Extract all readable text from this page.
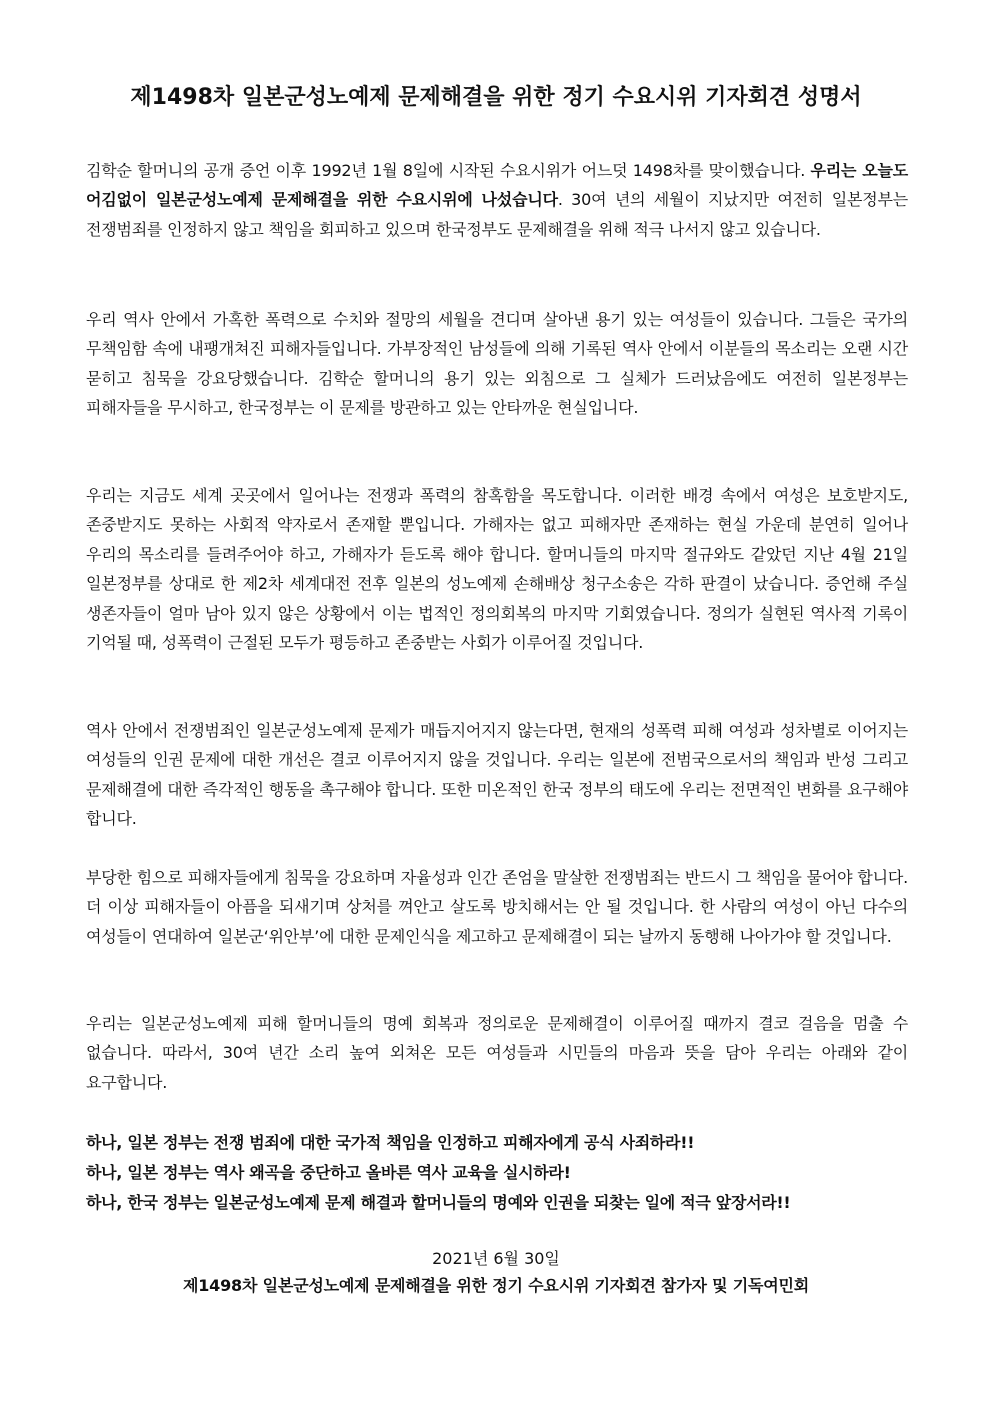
제1498차 일본군성노예제 문제해결을 위한 정기 수요시위 기자회견 성명서

김학순 할머니의 공개 증언 이후 1992년 1월 8일에 시작된 수요시위가 어느덧 1498차를 맞이했습니다. 우리는 오늘도 어김없이 일본군성노예제 문제해결을 위한 수요시위에 나섰습니다. 30여 년의 세월이 지났지만 여전히 일본정부는 전쟁범죄를 인정하지 않고 책임을 회피하고 있으며 한국정부도 문제해결을 위해 적극 나서지 않고 있습니다.

우리 역사 안에서 가혹한 폭력으로 수치와 절망의 세월을 견디며 살아낸 용기 있는 여성들이 있습니다. 그들은 국가의 무책임함 속에 내팽개쳐진 피해자들입니다. 가부장적인 남성들에 의해 기록된 역사 안에서 이분들의 목소리는 오랜 시간 묻히고 침묵을 강요당했습니다. 김학순 할머니의 용기 있는 외침으로 그 실체가 드러났음에도 여전히 일본정부는 피해자들을 무시하고, 한국정부는 이 문제를 방관하고 있는 안타까운 현실입니다.

우리는 지금도 세계 곳곳에서 일어나는 전쟁과 폭력의 참혹함을 목도합니다. 이러한 배경 속에서 여성은 보호받지도, 존중받지도 못하는 사회적 약자로서 존재할 뿐입니다. 가해자는 없고 피해자만 존재하는 현실 가운데 분연히 일어나 우리의 목소리를 들려주어야 하고, 가해자가 듣도록 해야 합니다. 할머니들의 마지막 절규와도 같았던 지난 4월 21일 일본정부를 상대로 한 제2차 세계대전 전후 일본의 성노예제 손해배상 청구소송은 각하 판결이 났습니다. 증언해 주실 생존자들이 얼마 남아 있지 않은 상황에서 이는 법적인 정의회복의 마지막 기회였습니다. 정의가 실현된 역사적 기록이 기억될 때, 성폭력이 근절된 모두가 평등하고 존중받는 사회가 이루어질 것입니다.

역사 안에서 전쟁범죄인 일본군성노예제 문제가 매듭지어지지 않는다면, 현재의 성폭력 피해 여성과 성차별로 이어지는 여성들의 인권 문제에 대한 개선은 결코 이루어지지 않을 것입니다. 우리는 일본에 전범국으로서의 책임과 반성 그리고 문제해결에 대한 즉각적인 행동을 촉구해야 합니다. 또한 미온적인 한국 정부의 태도에 우리는 전면적인 변화를 요구해야 합니다.

부당한 힘으로 피해자들에게 침묵을 강요하며 자율성과 인간 존엄을 말살한 전쟁범죄는 반드시 그 책임을 물어야 합니다. 더 이상 피해자들이 아픔을 되새기며 상처를 껴안고 살도록 방치해서는 안 될 것입니다. 한 사람의 여성이 아닌 다수의 여성들이 연대하여 일본군‘위안부’에 대한 문제인식을 제고하고 문제해결이 되는 날까지 동행해 나아가야 할 것입니다.

우리는 일본군성노예제 피해 할머니들의 명예 회복과 정의로운 문제해결이 이루어질 때까지 결코 걸음을 멈출 수 없습니다. 따라서, 30여 년간 소리 높여 외쳐온 모든 여성들과 시민들의 마음과 뜻을 담아 우리는 아래와 같이 요구합니다.

하나, 일본 정부는 전쟁 범죄에 대한 국가적 책임을 인정하고 피해자에게 공식 사죄하라!!
하나, 일본 정부는 역사 왜곡을 중단하고 올바른 역사 교육을 실시하라!
하나, 한국 정부는 일본군성노예제 문제 해결과 할머니들의 명예와 인권을 되찾는 일에 적극 앞장서라!!

2021년 6월 30일

제1498차 일본군성노예제 문제해결을 위한 정기 수요시위 기자회견 참가자 및 기독여민회
